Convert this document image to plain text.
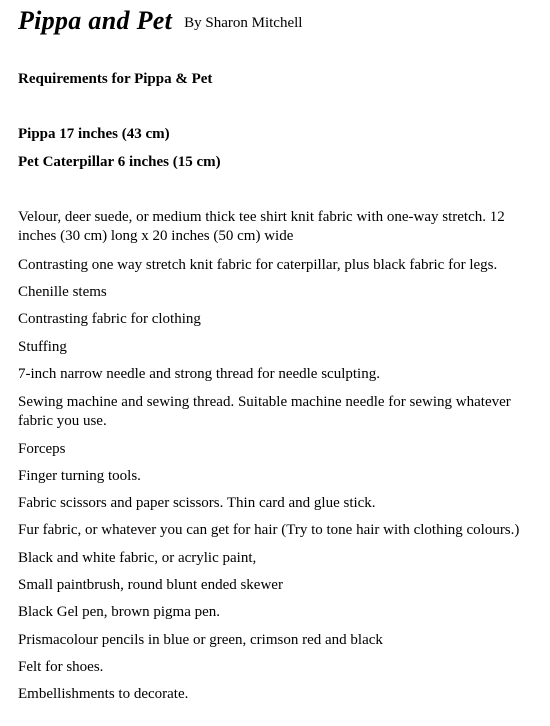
Pippa and Pet By Sharon Mitchell
Requirements for Pippa & Pet
Pippa 17 inches (43 cm)
Pet Caterpillar 6 inches (15 cm)
Velour, deer suede, or medium thick tee shirt knit fabric with one-way stretch. 12 inches (30 cm) long x 20 inches (50 cm) wide
Contrasting one way stretch knit fabric for caterpillar, plus black fabric for legs.
Chenille stems
Contrasting fabric for clothing
Stuffing
7-inch narrow needle and strong thread for needle sculpting.
Sewing machine and sewing thread. Suitable machine needle for sewing whatever fabric you use.
Forceps
Finger turning tools.
Fabric scissors and paper scissors. Thin card and glue stick.
Fur fabric, or whatever you can get for hair (Try to tone hair with clothing colours.)
Black and white fabric, or acrylic paint,
Small paintbrush, round blunt ended skewer
Black Gel pen, brown pigma pen.
Prismacolour pencils in blue or green, crimson red and black
Felt for shoes.
Embellishments to decorate.
